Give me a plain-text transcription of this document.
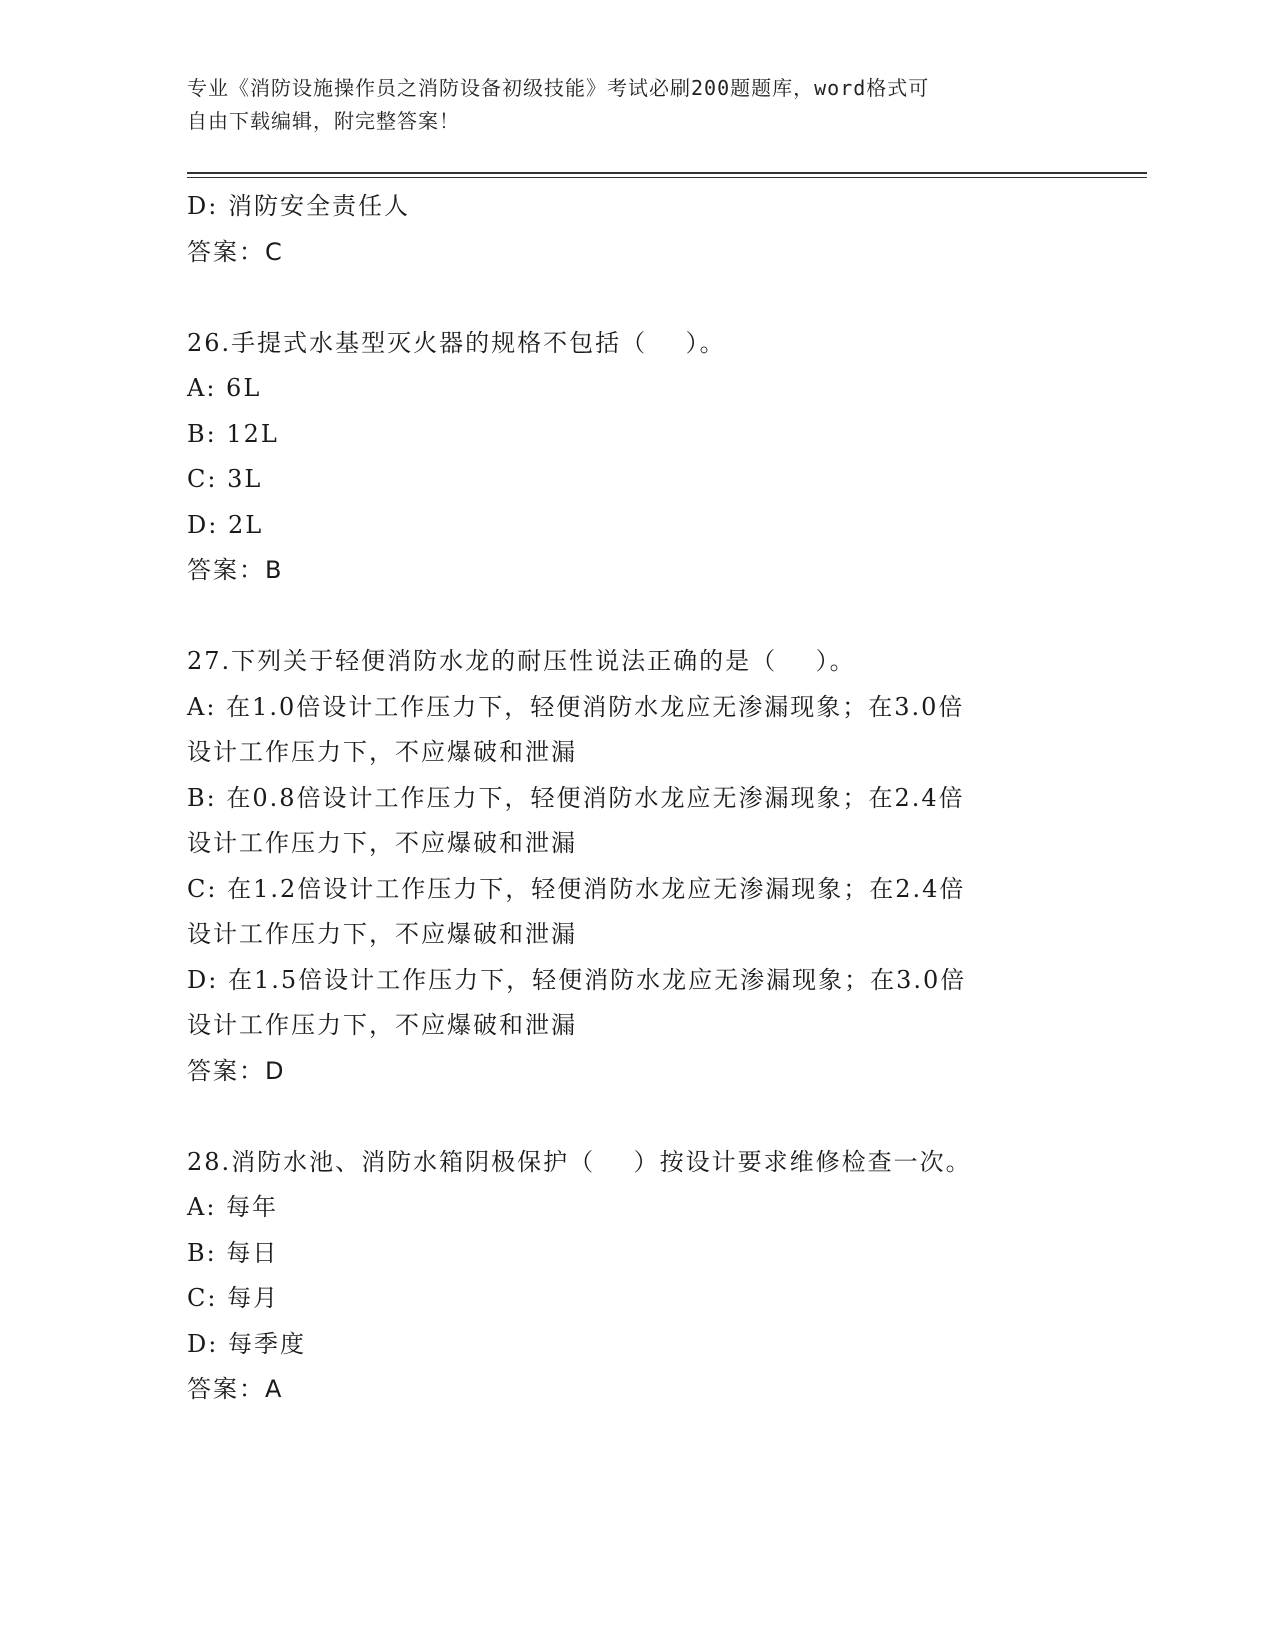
专业《消防设施操作员之消防设备初级技能》考试必刷200题题库，word格式可
自由下载编辑，附完整答案！
D: 消防安全责任人
答案：C
26.手提式水基型灭火器的规格不包括（    ）。
A: 6L
B: 12L
C: 3L
D: 2L
答案：B
27.下列关于轻便消防水龙的耐压性说法正确的是（    ）。
A: 在1.0倍设计工作压力下，轻便消防水龙应无渗漏现象；在3.0倍
设计工作压力下，不应爆破和泄漏
B: 在0.8倍设计工作压力下，轻便消防水龙应无渗漏现象；在2.4倍
设计工作压力下，不应爆破和泄漏
C: 在1.2倍设计工作压力下，轻便消防水龙应无渗漏现象；在2.4倍
设计工作压力下，不应爆破和泄漏
D: 在1.5倍设计工作压力下，轻便消防水龙应无渗漏现象；在3.0倍
设计工作压力下，不应爆破和泄漏
答案：D
28.消防水池、消防水箱阴极保护（    ）按设计要求维修检查一次。
A: 每年
B: 每日
C: 每月
D: 每季度
答案：A
